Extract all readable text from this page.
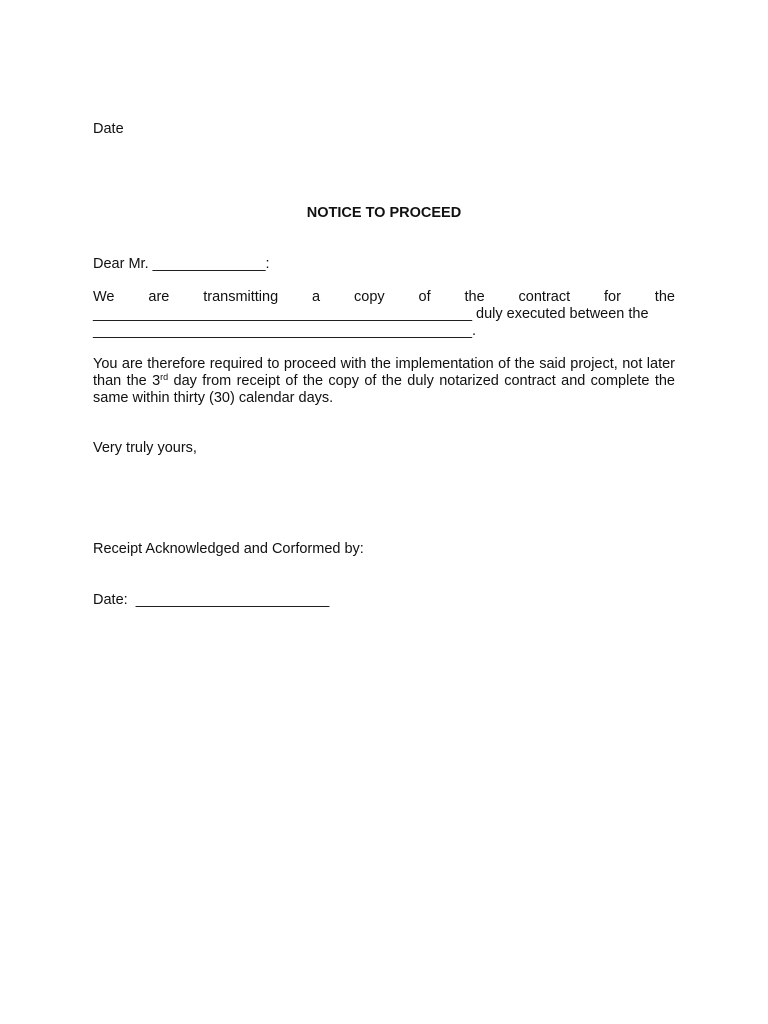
Date
NOTICE TO PROCEED
Dear Mr. ______________:
We are transmitting a copy of the contract for the
_______________________________________________ duly executed between the
_______________________________________________.

You are therefore required to proceed with the implementation of the said project, not later than the 3rd day from receipt of the copy of the duly notarized contract and complete the same within thirty (30) calendar days.

Very truly yours,
Receipt Acknowledged and Corformed by:
Date:  ________________________
